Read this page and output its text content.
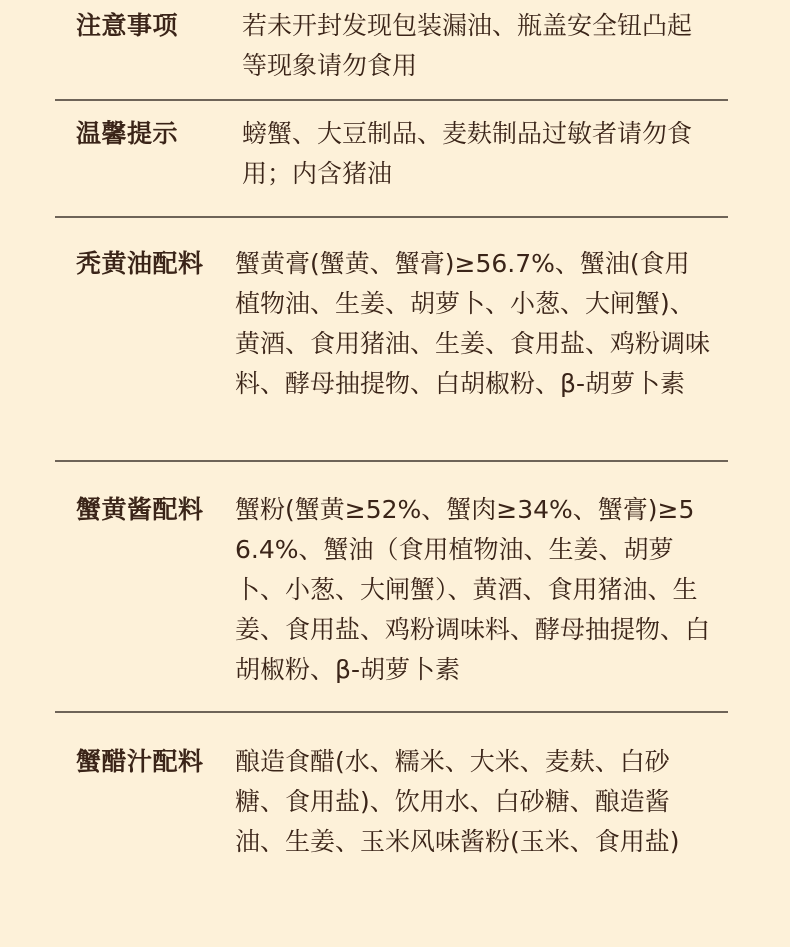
注意事项	若未开封发现包装漏油、瓶盖安全钮凸起等现象请勿食用
温馨提示	螃蟹、大豆制品、麦麸制品过敏者请勿食用；内含猪油
秃黄油配料	蟹黄膏(蟹黄、蟹膏)≥56.7%、蟹油(食用植物油、生姜、胡萝卜、小葱、大闸蟹)、黄酒、食用猪油、生姜、食用盐、鸡粉调味料、酵母抽提物、白胡椒粉、β-胡萝卜素
蟹黄酱配料	蟹粉(蟹黄≥52%、蟹肉≥34%、蟹膏)≥56.4%、蟹油（食用植物油、生姜、胡萝卜、小葱、大闸蟹）、黄酒、食用猪油、生姜、食用盐、鸡粉调味料、酵母抽提物、白胡椒粉、β-胡萝卜素
蟹醋汁配料	酿造食醋(水、糯米、大米、麦麸、白砂糖、食用盐)、饮用水、白砂糖、酿造酱油、生姜、玉米风味酱粉(玉米、食用盐)
